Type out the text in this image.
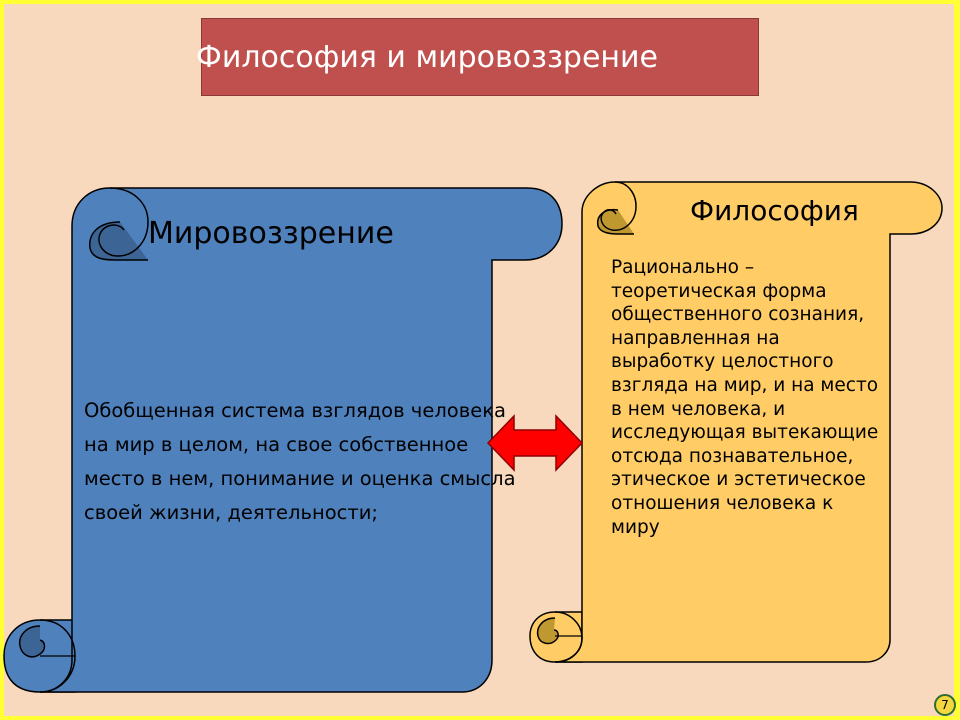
Философия и мировоззрение
Мировоззрение
Обобщенная система взглядов человека на мир в целом, на свое собственное место в нем, понимание и оценка смысла своей жизни, деятельности;
Философия
Рационально – теоретическая форма общественного сознания, направленная на выработку целостного взгляда на мир, и на место в нем человека, и исследующая вытекающие отсюда познавательное, этическое и эстетическое отношения человека к миру
7
